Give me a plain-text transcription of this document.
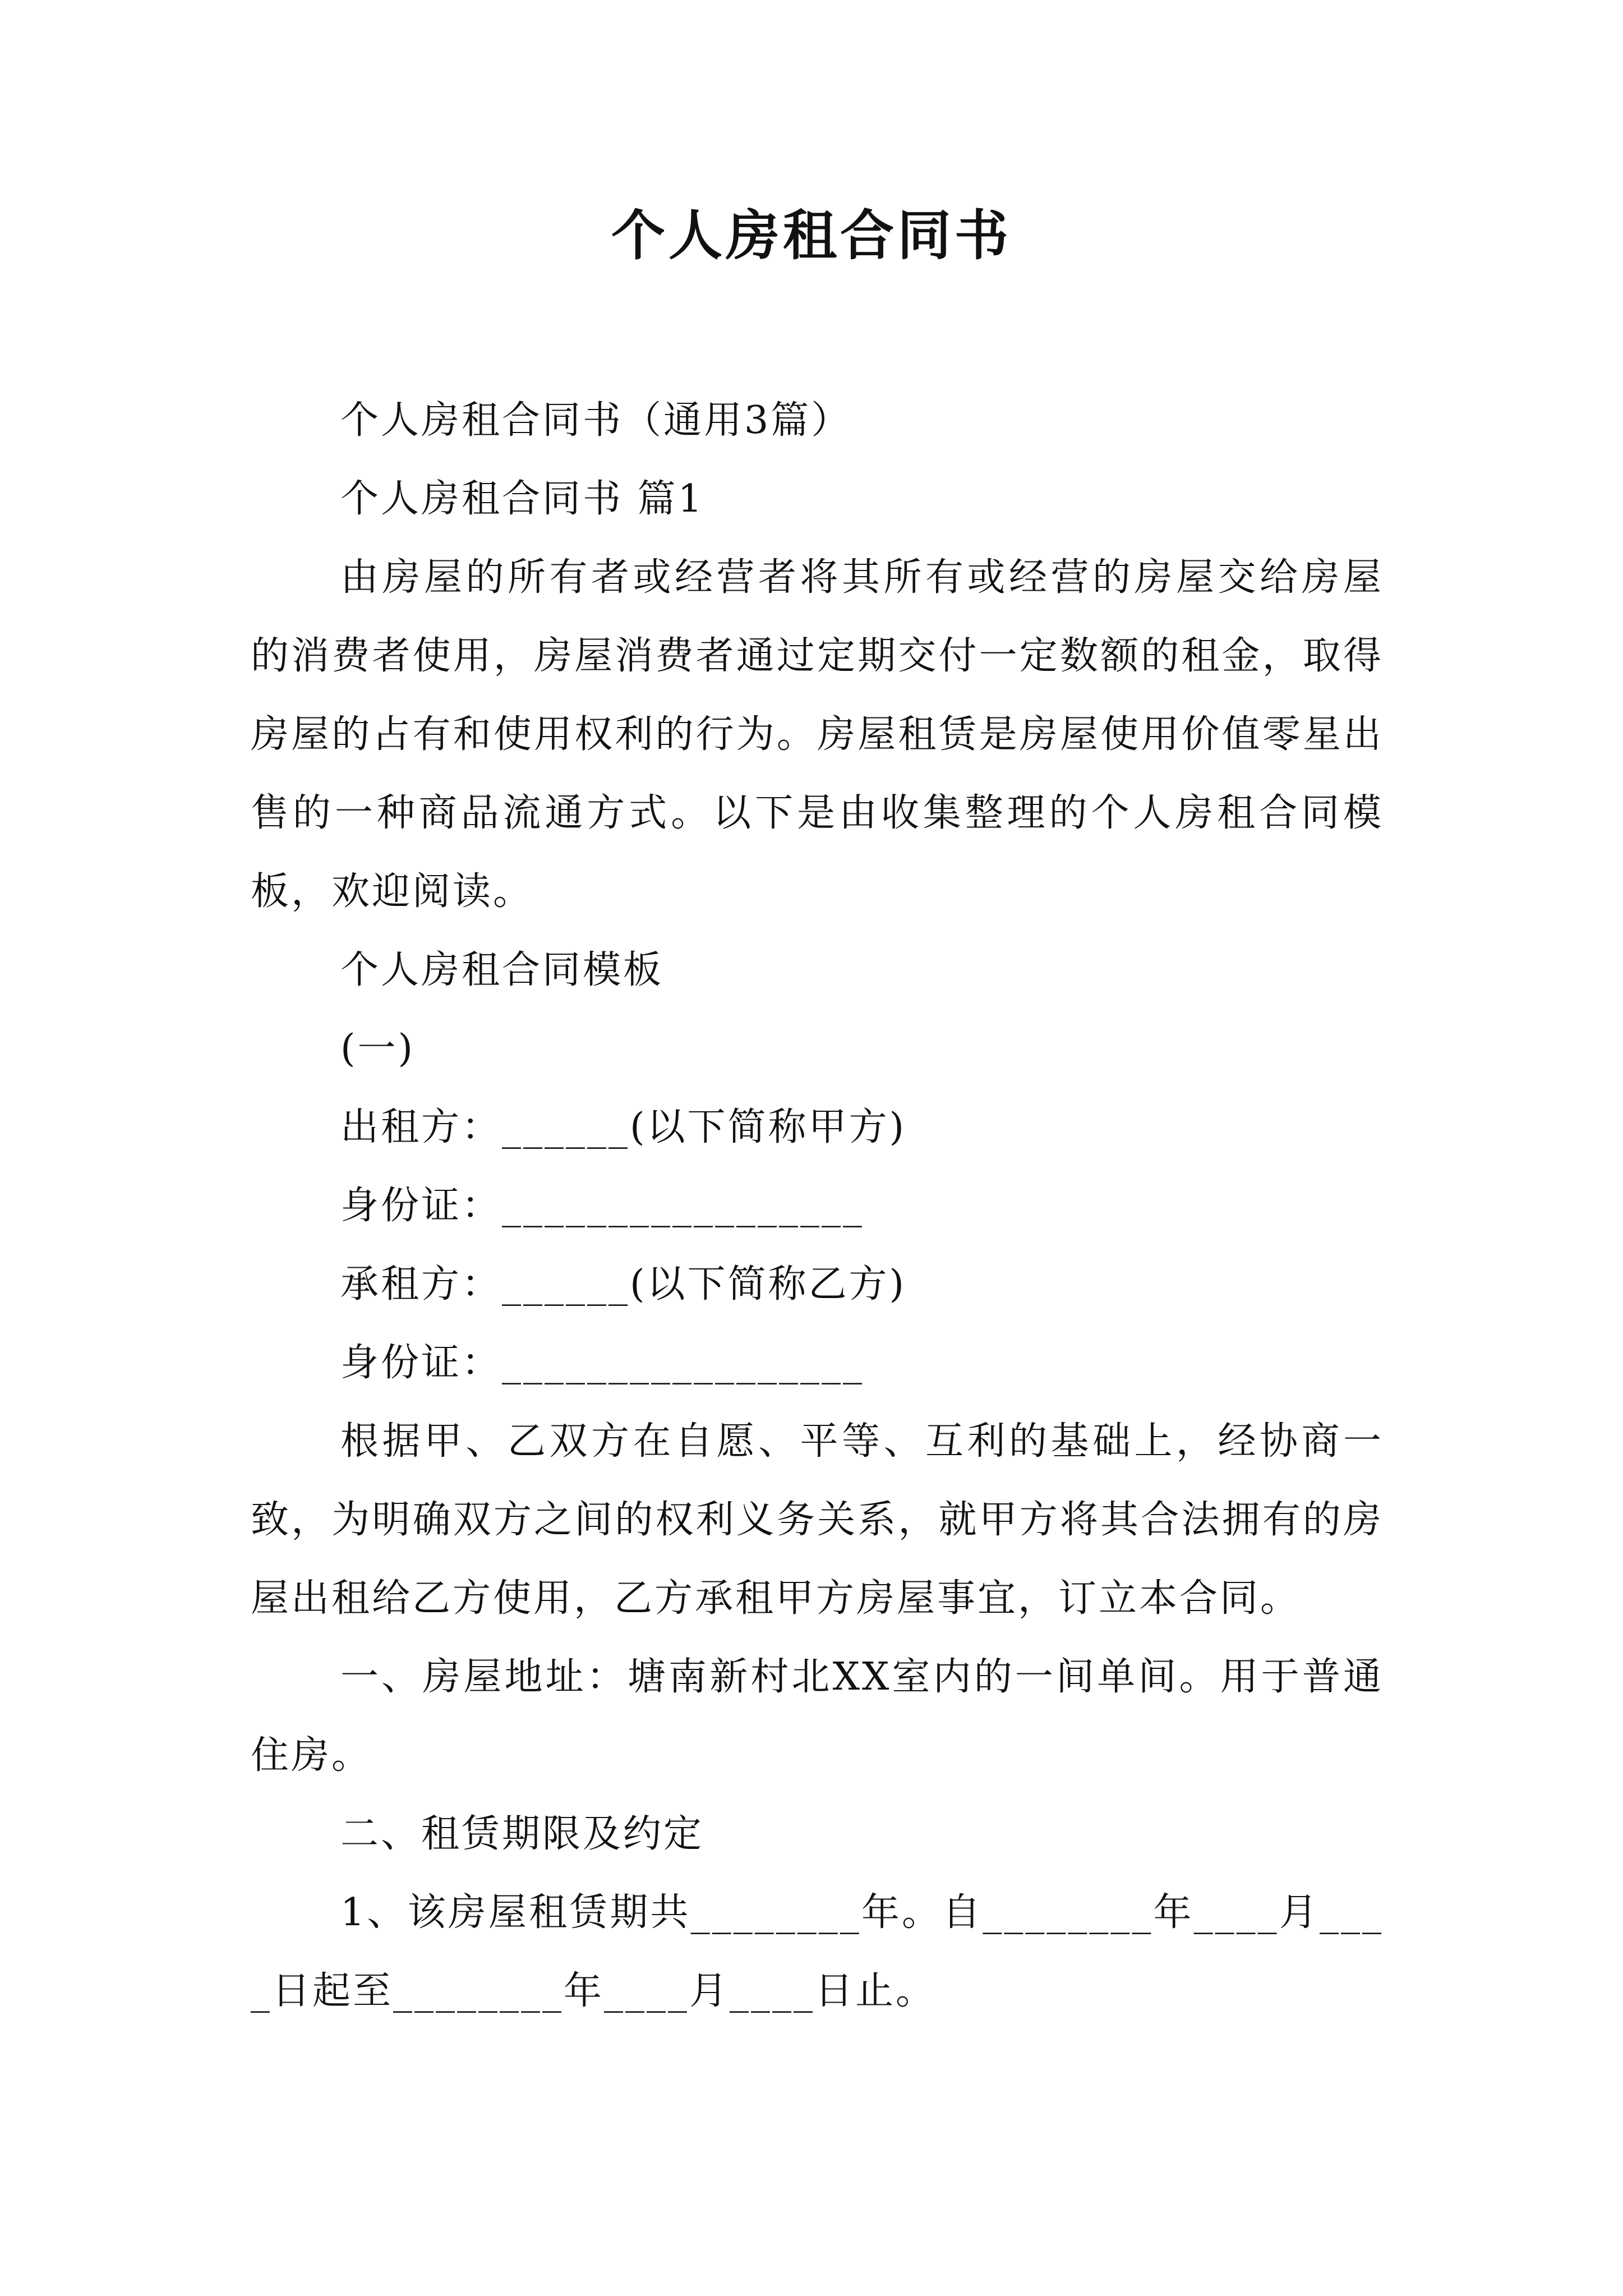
个人房租合同书

个人房租合同书（通用3篇）

个人房租合同书 篇1

由房屋的所有者或经营者将其所有或经营的房屋交给房屋的消费者使用，房屋消费者通过定期交付一定数额的租金，取得房屋的占有和使用权利的行为。房屋租赁是房屋使用价值零星出售的一种商品流通方式。以下是由收集整理的个人房租合同模板，欢迎阅读。

个人房租合同模板

(一)

出租方：______(以下简称甲方)

身份证：_________________

承租方：______(以下简称乙方)

身份证：_________________

根据甲、乙双方在自愿、平等、互利的基础上，经协商一致，为明确双方之间的权利义务关系，就甲方将其合法拥有的房屋出租给乙方使用，乙方承租甲方房屋事宜，订立本合同。

一、房屋地址：塘南新村北XX室内的一间单间。用于普通住房。

二、租赁期限及约定

1、该房屋租赁期共________年。自________年____月____日起至________年____月____日止。
